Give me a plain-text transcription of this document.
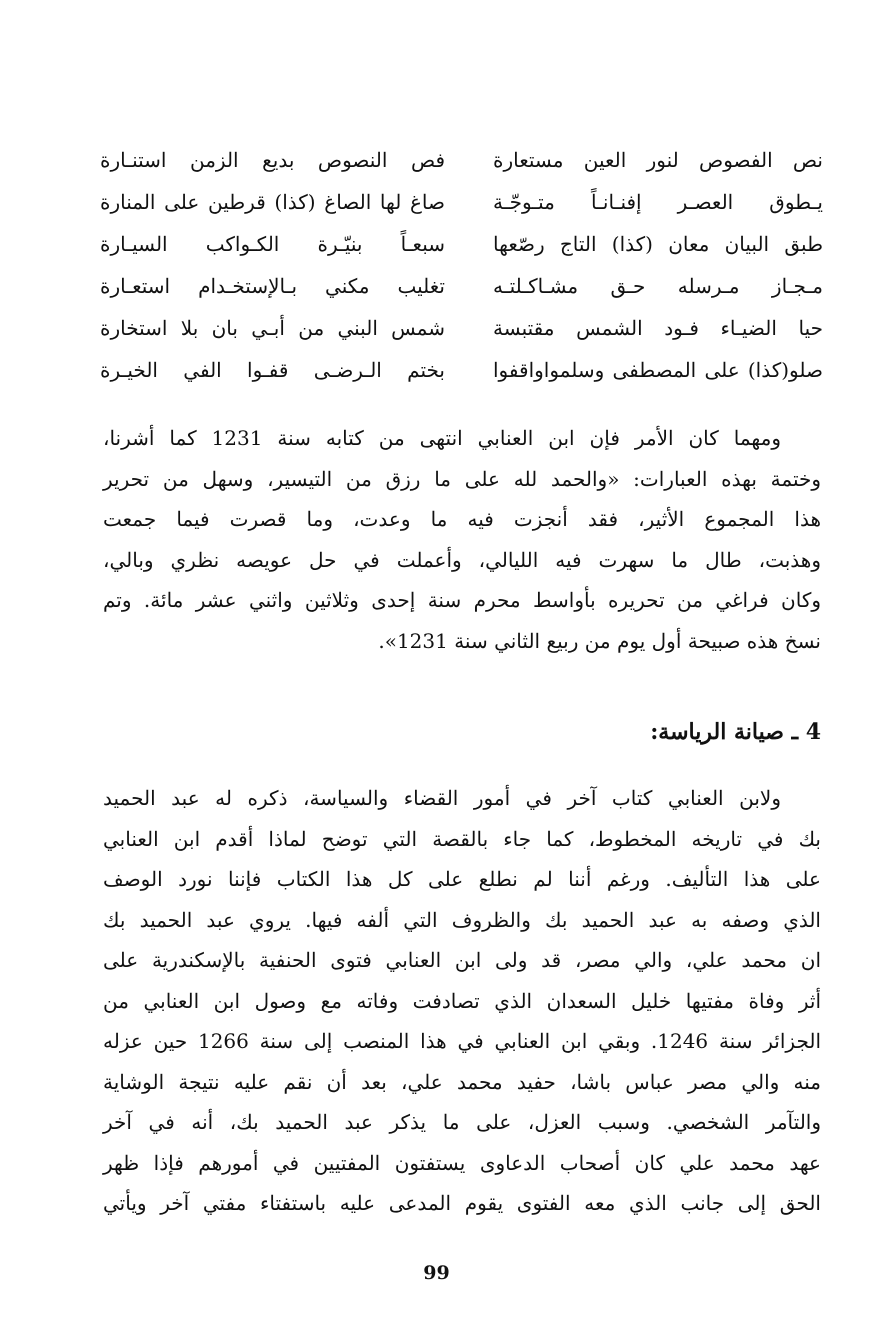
نص الفصوص لنور العين مستعارة
يـطوق العصـر إفنـانـاً متـوجّـة
طبق البيان معان (كذا) التاج رصّعها
مـجـاز مـرسله حـق مشـاكـلتـه
حيا الضيـاء فـود الشمس مقتبسة
صلو(كذا) على المصطفى وسلمواواقفوا
فص النصوص بديع الزمن استنـارة
صاغ لها الصاغ (كذا) قرطين على المنارة
سبعـاً بنيّـرة الكـواكب السيـارة
تغليب مكني بـالإستخـدام استعـارة
شمس البني من أبـي بان بلا استخارة
بختم الـرضـى قفـوا الفي الخيـرة
ومهما كان الأمر فإن ابن العنابي انتهى من كتابه سنة 1231 كما أشرنا،
وختمة بهذه العبارات: «والحمد لله على ما رزق من التيسير، وسهل من تحرير
هذا المجموع الأثير، فقد أنجزت فيه ما وعدت، وما قصرت فيما جمعت
وهذبت، طال ما سهرت فيه الليالي، وأعملت في حل عويصه نظري وبالي،
وكان فراغي من تحريره بأواسط محرم سنة إحدى وثلاثين واثني عشر مائة. وتم
نسخ هذه صبيحة أول يوم من ربيع الثاني سنة 1231».
4 ـ صيانة الرياسة:
ولابن العنابي كتاب آخر في أمور القضاء والسياسة، ذكره له عبد الحميد
بك في تاريخه المخطوط، كما جاء بالقصة التي توضح لماذا أقدم ابن العنابي
على هذا التأليف. ورغم أننا لم نطلع على كل هذا الكتاب فإننا نورد الوصف
الذي وصفه به عبد الحميد بك والظروف التي ألفه فيها. يروي عبد الحميد بك
ان محمد علي، والي مصر، قد ولى ابن العنابي فتوى الحنفية بالإسكندرية على
أثر وفاة مفتيها خليل السعدان الذي تصادفت وفاته مع وصول ابن العنابي من
الجزائر سنة 1246. وبقي ابن العنابي في هذا المنصب إلى سنة 1266 حين عزله
منه والي مصر عباس باشا، حفيد محمد علي، بعد أن نقم عليه نتيجة الوشاية
والتآمر الشخصي. وسبب العزل، على ما يذكر عبد الحميد بك، أنه في آخر
عهد محمد علي كان أصحاب الدعاوى يستفتون المفتيين في أمورهم فإذا ظهر
الحق إلى جانب الذي معه الفتوى يقوم المدعى عليه باستفتاء مفتي آخر ويأتي
99
